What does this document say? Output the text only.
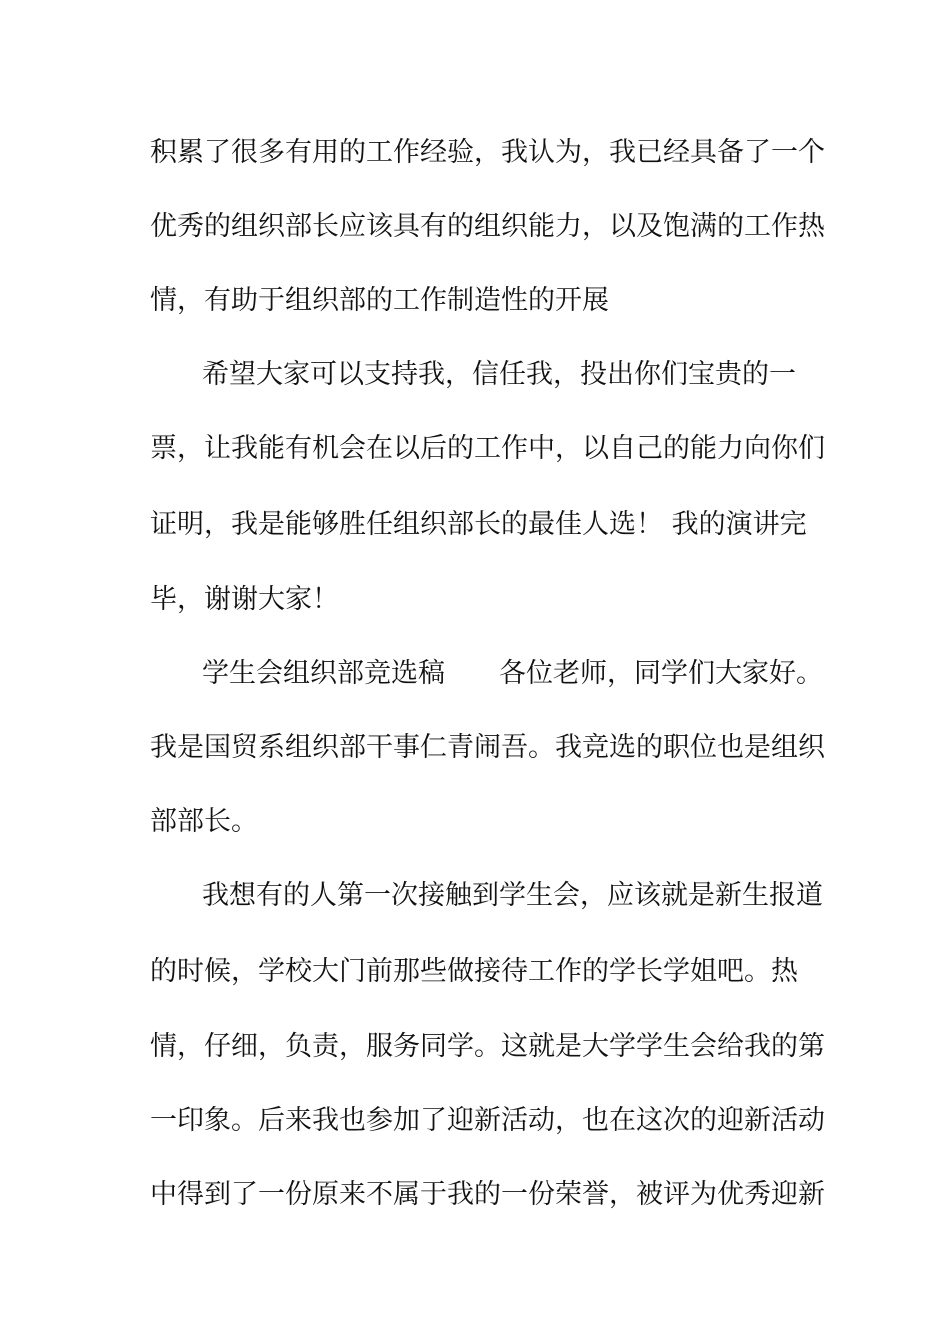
积累了很多有用的工作经验，我认为，我已经具备了一个
优秀的组织部长应该具有的组织能力，以及饱满的工作热
情，有助于组织部的工作制造性的开展
希望大家可以支持我，信任我，投出你们宝贵的一
票，让我能有机会在以后的工作中，以自己的能力向你们
证明，我是能够胜任组织部长的最佳人选！ 我的演讲完
毕，谢谢大家！
学生会组织部竞选稿　　各位老师，同学们大家好。
我是国贸系组织部干事仁青闹吾。我竞选的职位也是组织
部部长。
我想有的人第一次接触到学生会，应该就是新生报道
的时候，学校大门前那些做接待工作的学长学姐吧。热
情，仔细，负责，服务同学。这就是大学学生会给我的第
一印象。后来我也参加了迎新活动，也在这次的迎新活动
中得到了一份原来不属于我的一份荣誉，被评为优秀迎新
